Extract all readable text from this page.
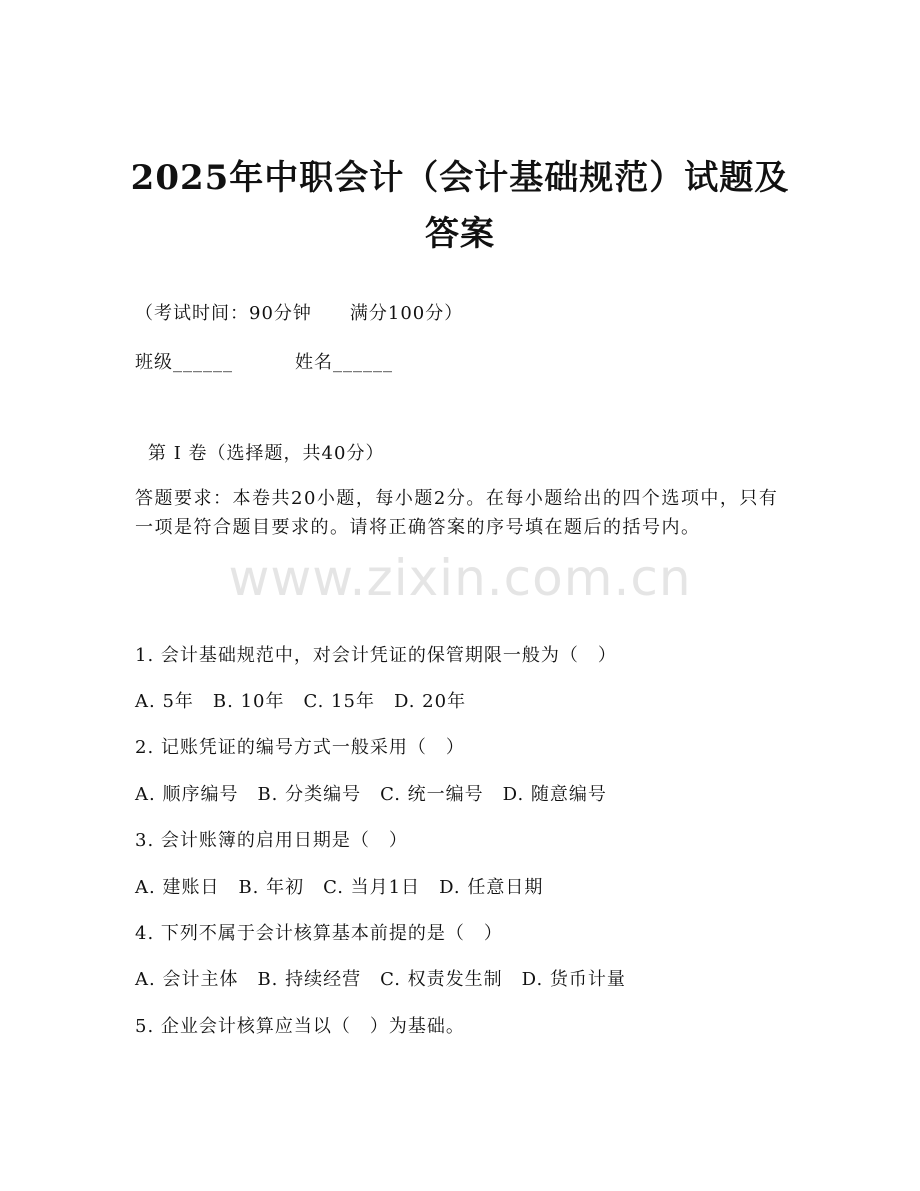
2025年中职会计（会计基础规范）试题及答案
（考试时间：90分钟　　满分100分）
班级______	姓名______
第 I 卷（选择题，共40分）
答题要求：本卷共20小题，每小题2分。在每小题给出的四个选项中，只有一项是符合题目要求的。请将正确答案的序号填在题后的括号内。
www.zixin.com.cn
1. 会计基础规范中，对会计凭证的保管期限一般为（　）
A. 5年　B. 10年　C. 15年　D. 20年
2. 记账凭证的编号方式一般采用（　）
A. 顺序编号　B. 分类编号　C. 统一编号　D. 随意编号
3. 会计账簿的启用日期是（　）
A. 建账日　B. 年初　C. 当月1日　D. 任意日期
4. 下列不属于会计核算基本前提的是（　）
A. 会计主体　B. 持续经营　C. 权责发生制　D. 货币计量
5. 企业会计核算应当以（　）为基础。
